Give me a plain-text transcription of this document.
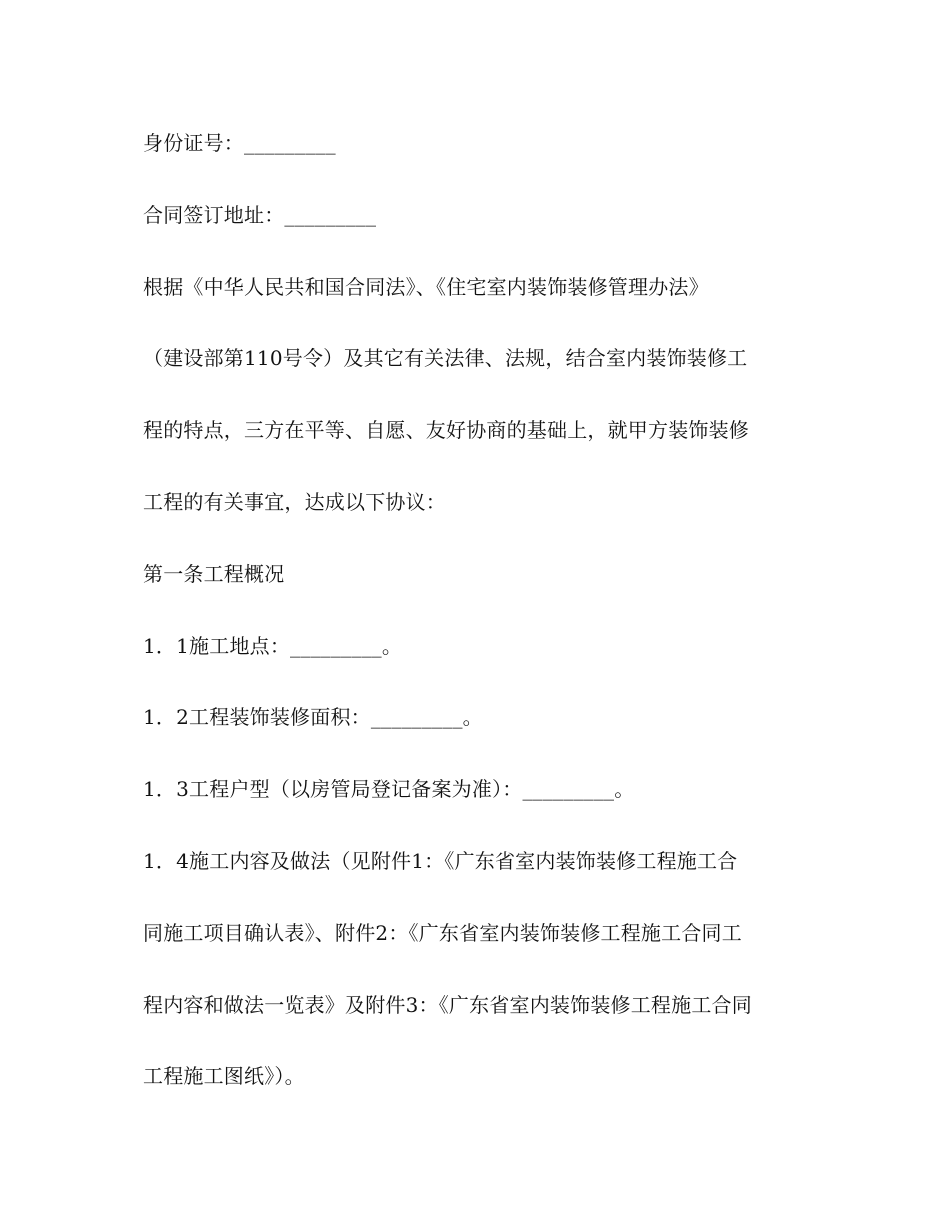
身份证号：_________

合同签订地址：_________

根据《中华人民共和国合同法》、《住宅室内装饰装修管理办法》

（建设部第110号令）及其它有关法律、法规，结合室内装饰装修工

程的特点，三方在平等、自愿、友好协商的基础上，就甲方装饰装修

工程的有关事宜，达成以下协议：

第一条工程概况

1．1施工地点：_________。

1．2工程装饰装修面积：_________。

1．3工程户型（以房管局登记备案为准）：_________。

1．4施工内容及做法（见附件1：《广东省室内装饰装修工程施工合

同施工项目确认表》、附件2：《广东省室内装饰装修工程施工合同工

程内容和做法一览表》及附件3：《广东省室内装饰装修工程施工合同

工程施工图纸》）。
